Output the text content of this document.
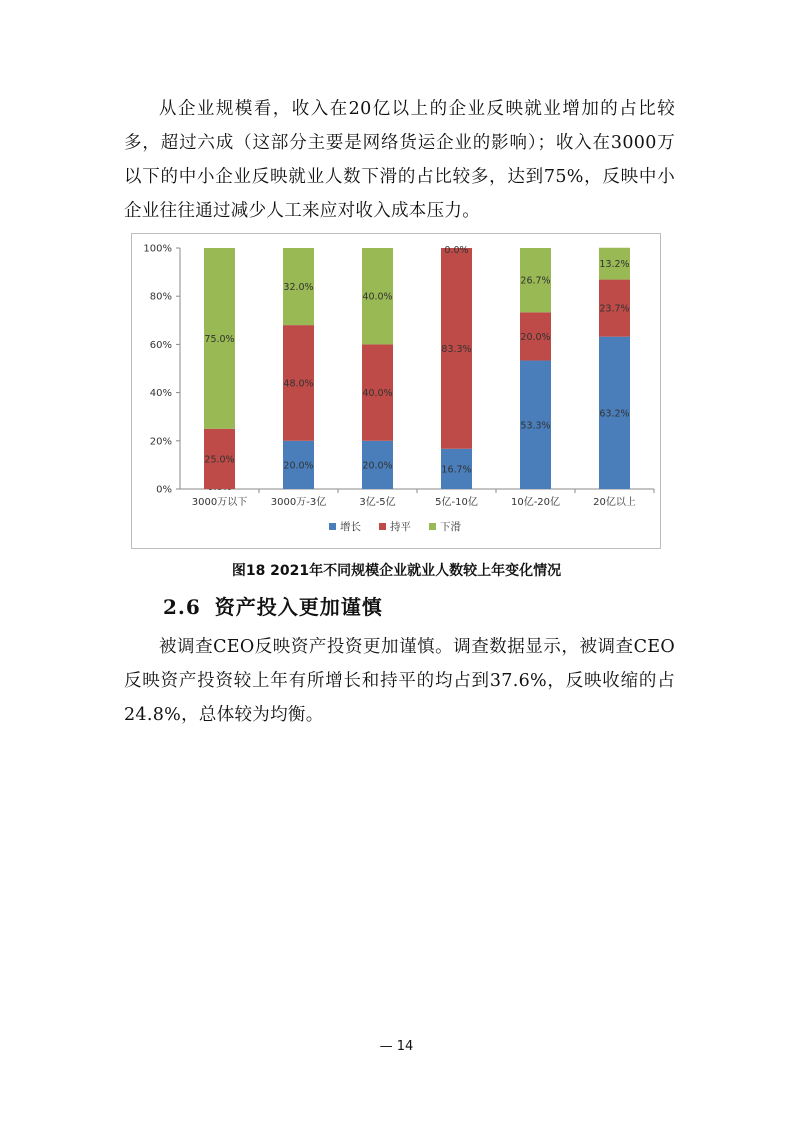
从企业规模看，收入在20亿以上的企业反映就业增加的占比较多，超过六成（这部分主要是网络货运企业的影响）；收入在3000万以下的中小企业反映就业人数下滑的占比较多，达到75%，反映中小企业往往通过减少人工来应对收入成本压力。
0%
20%
40%
60%
80%
100%
25.0%
75.0%
3000万以下
20.0%
48.0%
32.0%
3000万-3亿
20.0%
40.0%
40.0%
3亿-5亿
16.7%
83.3%
0.0%
5亿-10亿
53.3%
20.0%
26.7%
10亿-20亿
63.2%
23.7%
13.2%
20亿以上
增长	持平	下滑
图18 2021年不同规模企业就业人数较上年变化情况
2.6 资产投入更加谨慎
被调查CEO反映资产投资更加谨慎。调查数据显示，被调查CEO反映资产投资较上年有所增长和持平的均占到37.6%，反映收缩的占24.8%，总体较为均衡。
— 14
